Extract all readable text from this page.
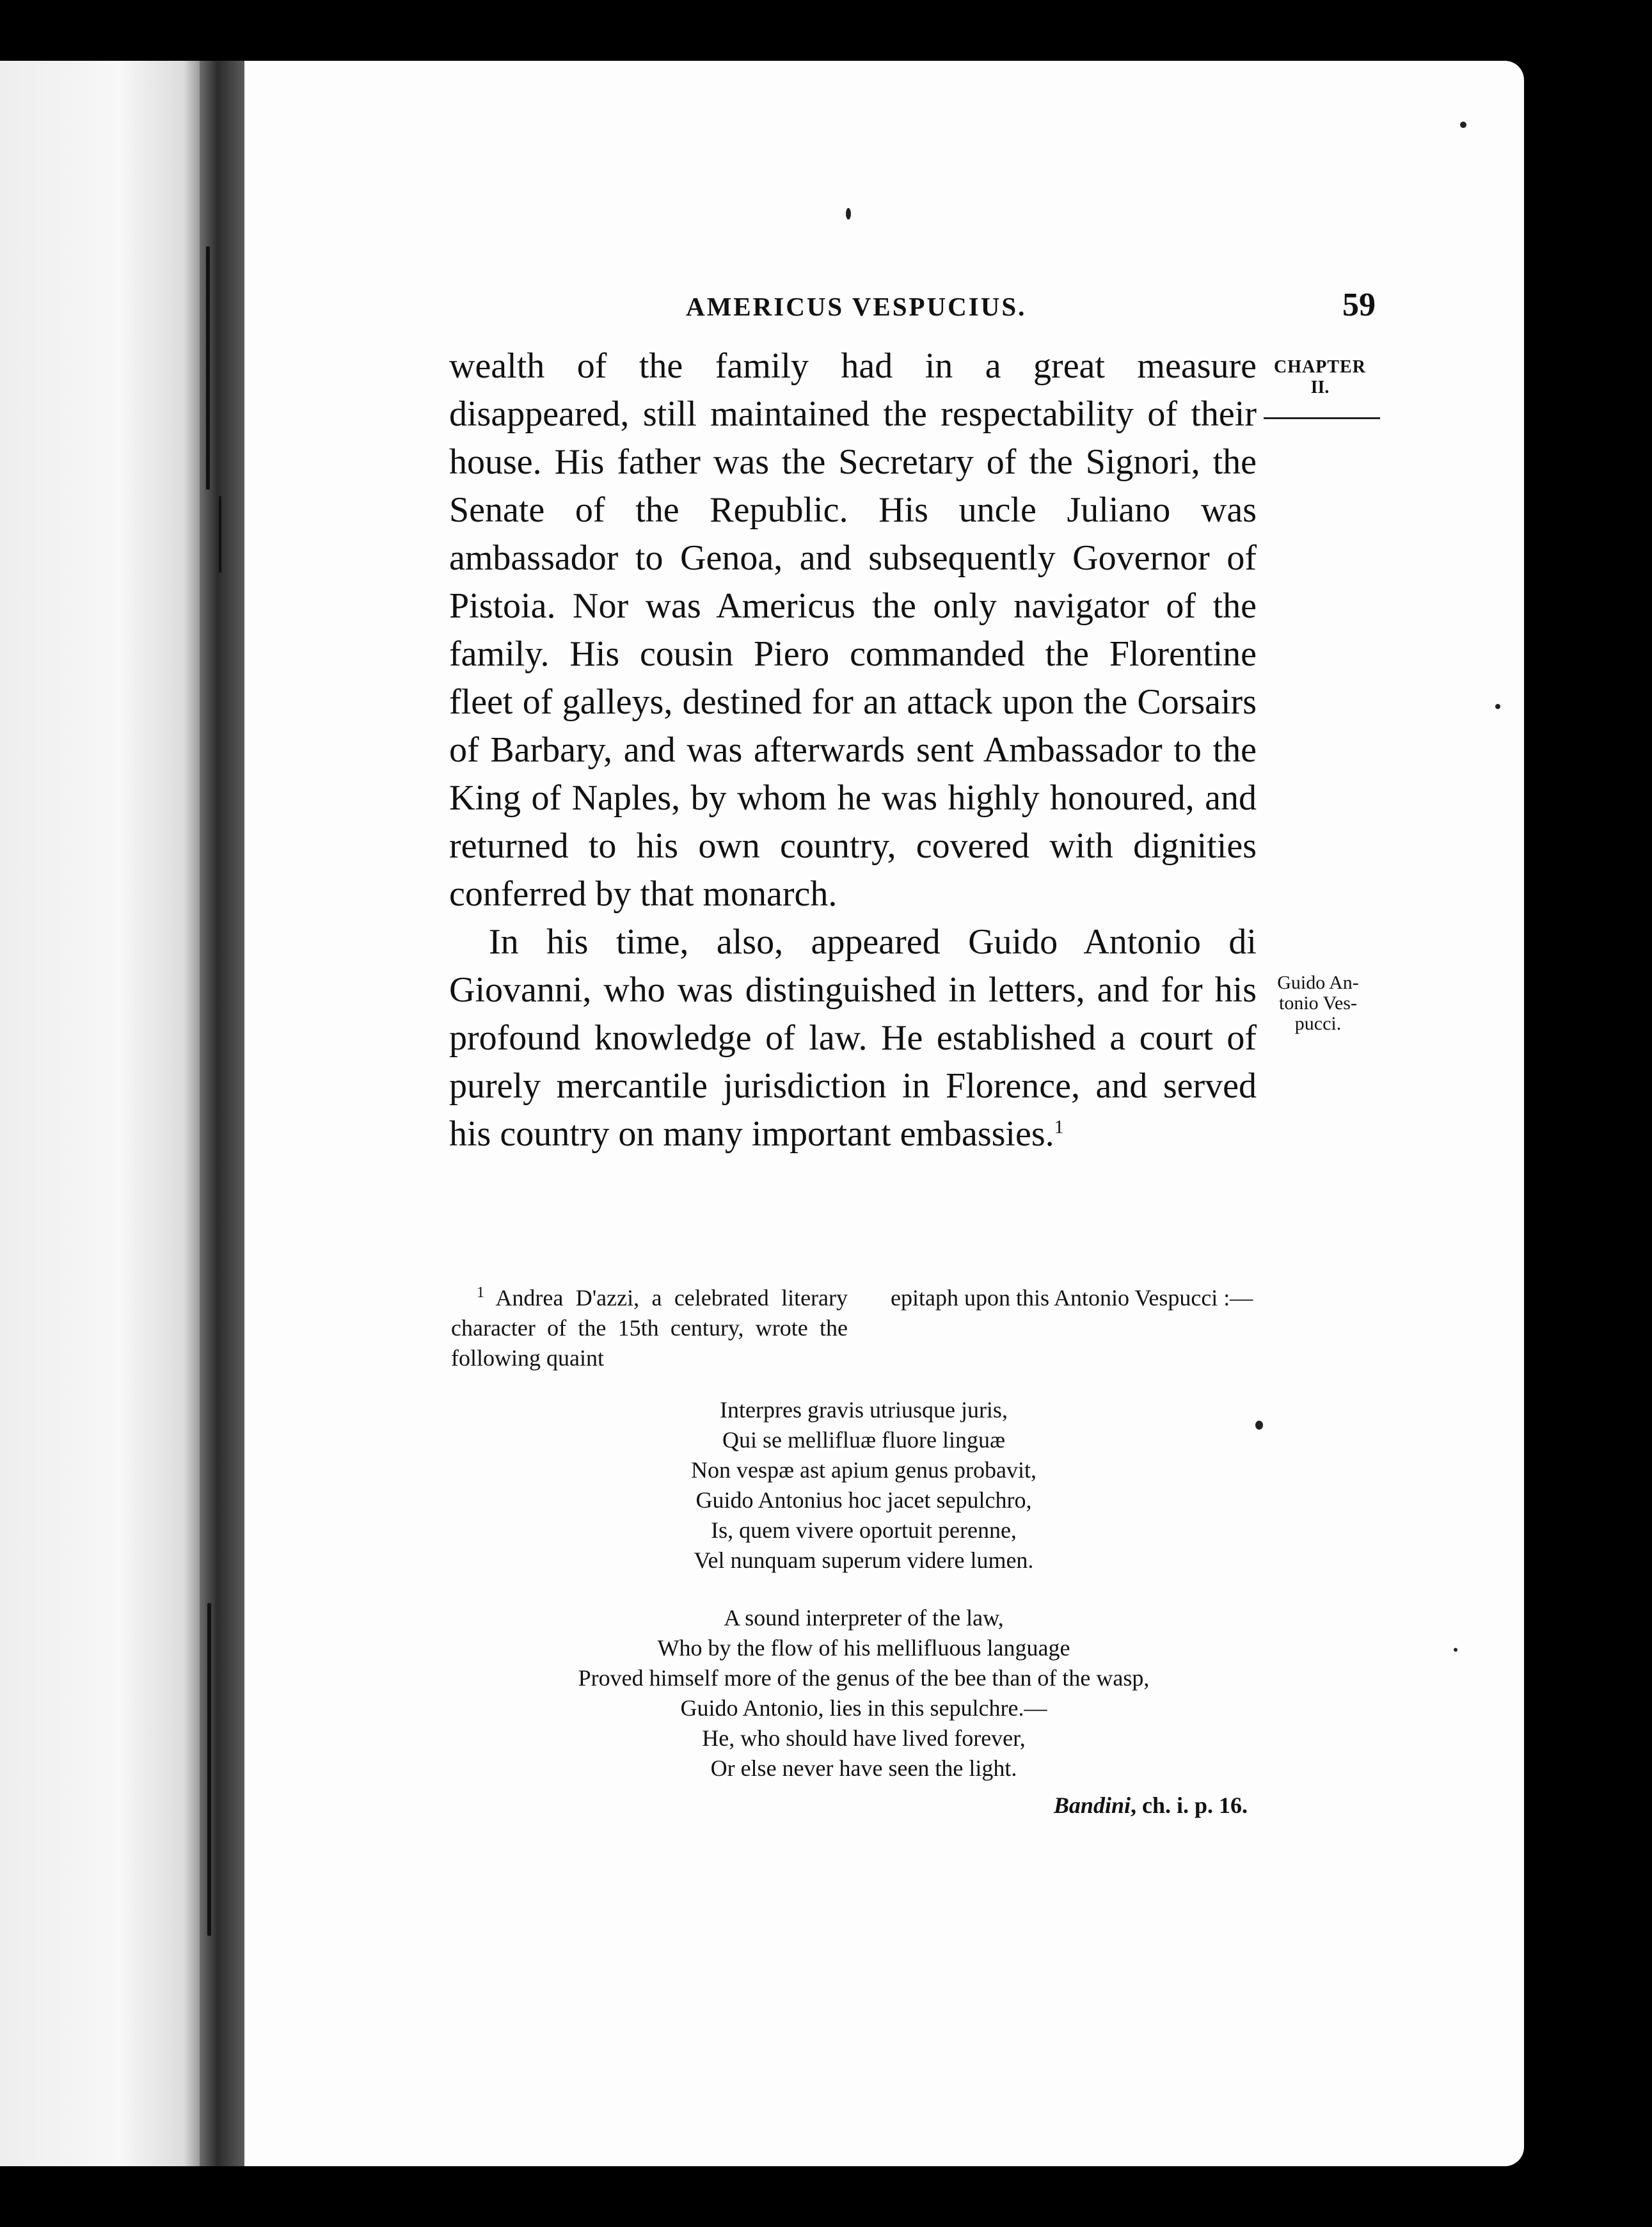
AMERICUS VESPUCIUS.	59
CHAPTER
II.

wealth of the family had in a great measure disappeared, still maintained the respectability of their house. His father was the Secretary of the Signori, the Senate of the Republic. His uncle Juliano was ambassador to Genoa, and subsequently Governor of Pistoia. Nor was Americus the only navigator of the family. His cousin Piero commanded the Florentine fleet of galleys, destined for an attack upon the Corsairs of Barbary, and was afterwards sent Ambassador to the King of Naples, by whom he was highly honoured, and returned to his own country, covered with dignities conferred by that monarch.

In his time, also, appeared Guido Antonio di Giovanni, who was distinguished in letters, and for his profound knowledge of law. He established a court of purely mercantile jurisdiction in Florence, and served his country on many important embassies.$^1$

Guido An-
tonio Ves-
pucci.
$^1$ Andrea D'azzi, a celebrated literary character of the 15th century, wrote the following quaint
epitaph upon this Antonio Vespucci :—
Interpres gravis utriusque juris,
Qui se mellifluæ fluore linguæ
Non vespæ ast apium genus probavit,
Guido Antonius hoc jacet sepulchro,
Is, quem vivere oportuit perenne,
Vel nunquam superum videre lumen.
A sound interpreter of the law,
Who by the flow of his mellifluous language
Proved himself more of the genus of the bee than of the wasp,
Guido Antonio, lies in this sepulchre.—
He, who should have lived forever,
Or else never have seen the light.
Bandini, ch. i. p. 16.
